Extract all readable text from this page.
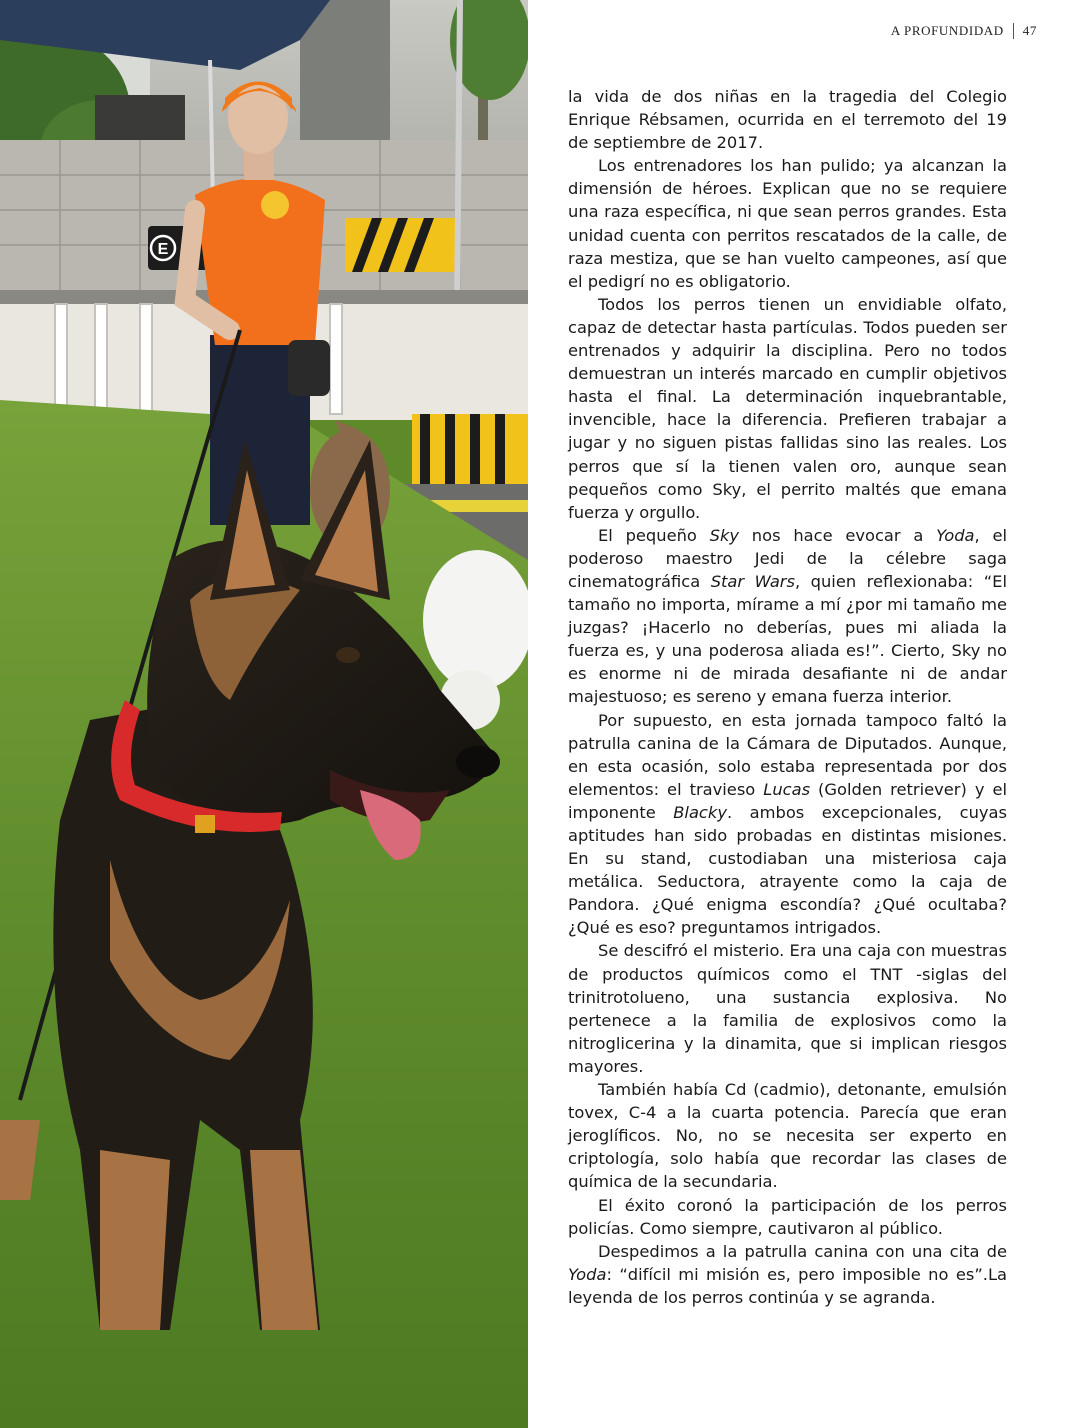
E
A PROFUNDIDAD 47

la vida de dos niñas en la tragedia del Colegio Enrique Rébsamen, ocurrida en el terremoto del 19 de septiembre de 2017.

Los entrenadores los han pulido; ya alcanzan la dimensión de héroes. Explican que no se requiere una raza específica, ni que sean perros grandes. Esta unidad cuenta con perritos rescatados de la calle, de raza mestiza, que se han vuelto campeones, así que el pedigrí no es obligatorio.

Todos los perros tienen un envidiable olfato, capaz de detectar hasta partículas. Todos pueden ser entrenados y adquirir la disciplina. Pero no todos demuestran un interés marcado en cumplir objetivos hasta el final. La determinación inquebrantable, invencible, hace la diferencia. Prefieren trabajar a jugar y no siguen pistas fallidas sino las reales. Los perros que sí la tienen valen oro, aunque sean pequeños como Sky, el perrito maltés que emana fuerza y orgullo.

El pequeño Sky nos hace evocar a Yoda, el poderoso maestro Jedi de la célebre saga cinematográfica Star Wars, quien reflexionaba: “El tamaño no importa, mírame a mí ¿por mi tamaño me juzgas? ¡Hacerlo no deberías, pues mi aliada la fuerza es, y una poderosa aliada es!”. Cierto, Sky no es enorme ni de mirada desafiante ni de andar majestuoso; es sereno y emana fuerza interior.

Por supuesto, en esta jornada tampoco faltó la patrulla canina de la Cámara de Diputados. Aunque, en esta ocasión, solo estaba representada por dos elementos: el travieso Lucas (Golden retriever) y el imponente Blacky. ambos excepcionales, cuyas aptitudes han sido probadas en distintas misiones. En su stand, custodiaban una misteriosa caja metálica. Seductora, atrayente como la caja de Pandora. ¿Qué enigma escondía? ¿Qué ocultaba? ¿Qué es eso? preguntamos intrigados.

Se descifró el misterio. Era una caja con muestras de productos químicos como el TNT -siglas del trinitrotolueno, una sustancia explosiva. No pertenece a la familia de explosivos como la nitroglicerina y la dinamita, que si implican riesgos mayores.

También había Cd (cadmio), detonante, emulsión tovex, C-4 a la cuarta potencia. Parecía que eran jeroglíficos. No, no se necesita ser experto en criptología, solo había que recordar las clases de química de la secundaria.

El éxito coronó la participación de los perros policías. Como siempre, cautivaron al público.

Despedimos a la patrulla canina con una cita de Yoda: “difícil mi misión es, pero imposible no es”.La leyenda de los perros continúa y se agranda.
